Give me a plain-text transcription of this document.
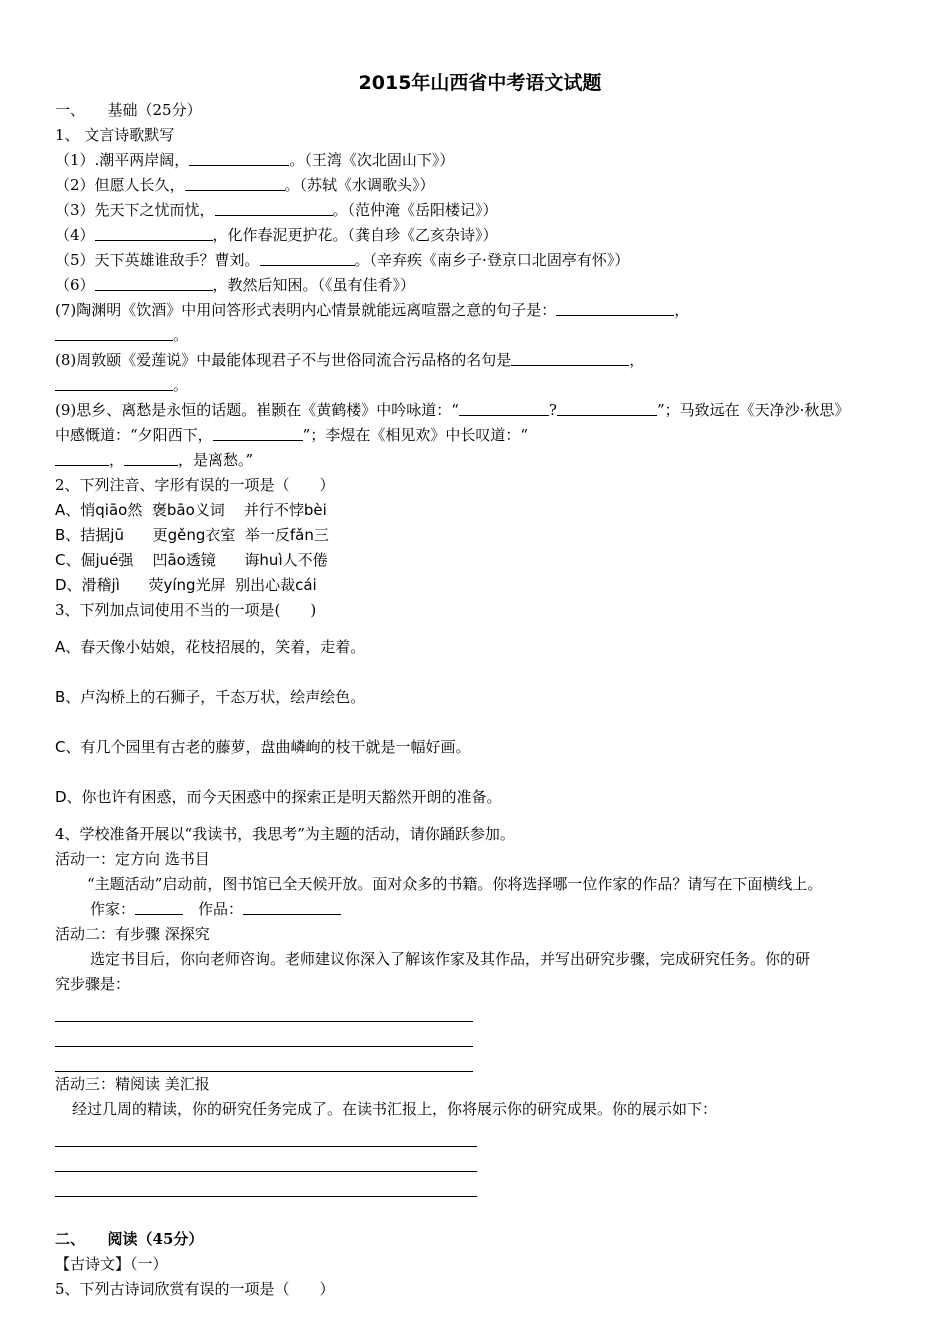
2015年山西省中考语文试题
一、　　基础（25分）
1、 文言诗歌默写
（1）.潮平两岸阔，	。（王湾《次北固山下》）
（2）但愿人长久，	。（苏轼《水调歌头》）
（3）先天下之忧而忧，	。（范仲淹《岳阳楼记》）
（4）	，化作春泥更护花。（龚自珍《乙亥杂诗》）
（5）天下英雄谁敌手？曹刘。	。（辛弃疾《南乡子·登京口北固亭有怀》）
（6）	，教然后知困。（《虽有佳肴》）
(7)陶渊明《饮酒》中用问答形式表明内心情景就能远离喧嚣之意的句子是：	，
。
(8)周敦颐《爱莲说》中最能体现君子不与世俗同流合污品格的名句是	，
。
(9)思乡、离愁是永恒的话题。崔颢在《黄鹤楼》中吟咏道：“	?	”；马致远在《天净沙·秋思》
中感慨道：“夕阳西下，	”；李煜在《相见欢》中长叹道：“
，	，是离愁。”
2、下列注音、字形有误的一项是（　　）
A、悄qiāo然  褒bāo义词    并行不悖bèi
B、拮据jū      更gěng衣室  举一反fǎn三
C、倔jué强    凹āo透镜      诲huì人不倦
D、滑稽jì      荧yíng光屏  别出心裁cái
3、下列加点词使用不当的一项是(　　)
A、春天像小姑娘，花枝招展的，笑着，走着。
B、卢沟桥上的石狮子，千态万状，绘声绘色。
C、有几个园里有古老的藤萝，盘曲嶙峋的枝干就是一幅好画。
D、你也许有困惑，而今天困惑中的探索正是明天豁然开朗的准备。
4、学校准备开展以“我读书，我思考”为主题的活动，请你踊跃参加。
活动一：定方向 选书目
“主题活动”启动前，图书馆已全天候开放。面对众多的书籍。你将选择哪一位作家的作品？请写在下面横线上。
作家：　	作品：
活动二：有步骤 深探究
选定书目后，你向老师咨询。老师建议你深入了解该作家及其作品，并写出研究步骤，完成研究任务。你的研
究步骤是：
活动三：精阅读 美汇报
经过几周的精读，你的研究任务完成了。在读书汇报上，你将展示你的研究成果。你的展示如下：
二、　　阅读（45分）
【古诗文】（一）
5、下列古诗词欣赏有误的一项是（　　）
